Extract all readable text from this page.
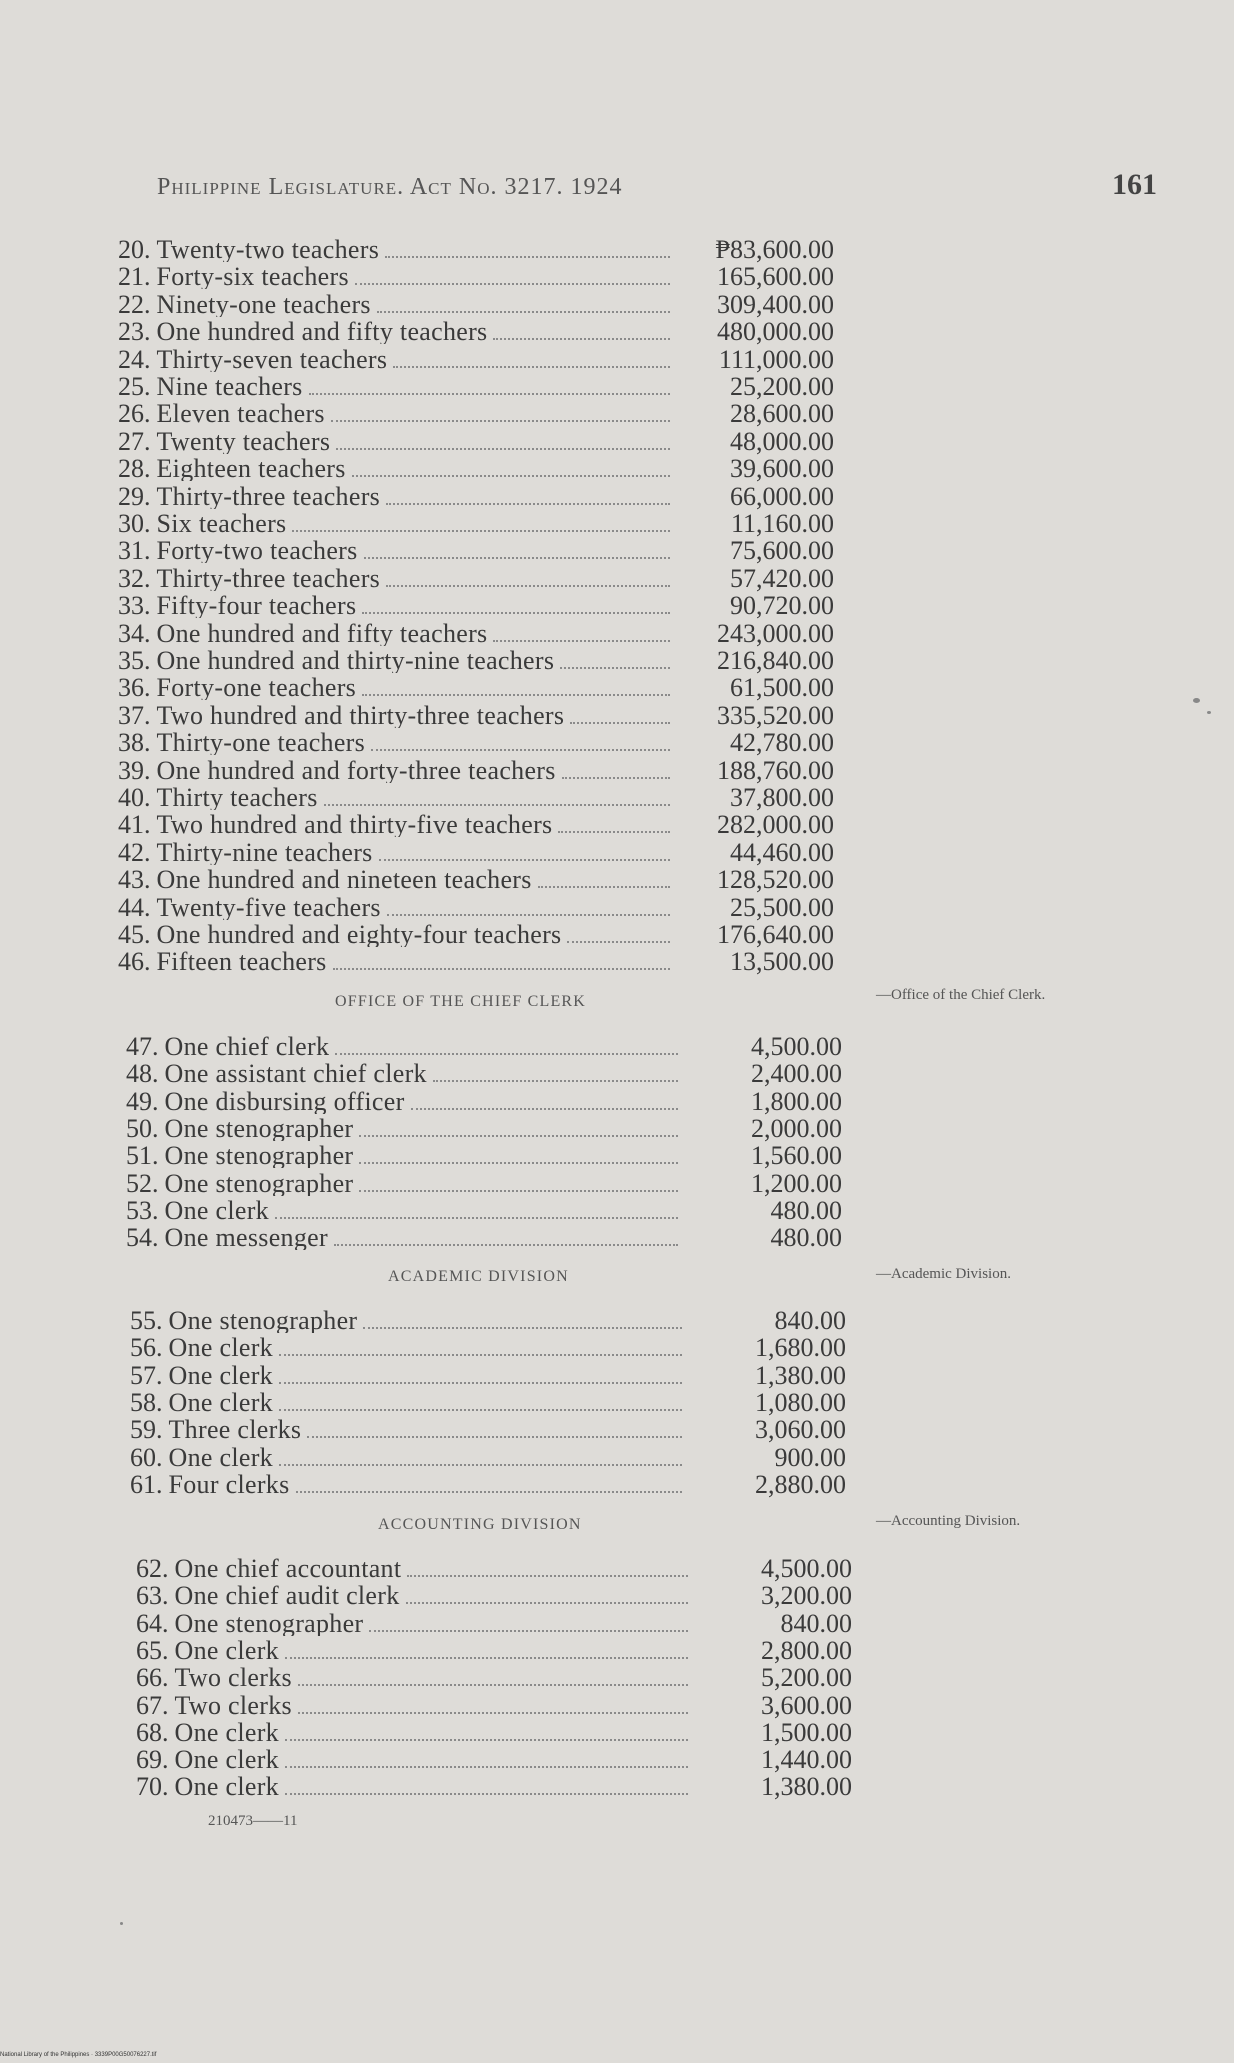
Philippine Legislature. Act No. 3217. 1924	161
20. Twenty-two teachers	₱83,600.00
21. Forty-six teachers	165,600.00
22. Ninety-one teachers	309,400.00
23. One hundred and fifty teachers	480,000.00
24. Thirty-seven teachers	111,000.00
25. Nine teachers	25,200.00
26. Eleven teachers	28,600.00
27. Twenty teachers	48,000.00
28. Eighteen teachers	39,600.00
29. Thirty-three teachers	66,000.00
30. Six teachers	11,160.00
31. Forty-two teachers	75,600.00
32. Thirty-three teachers	57,420.00
33. Fifty-four teachers	90,720.00
34. One hundred and fifty teachers	243,000.00
35. One hundred and thirty-nine teachers	216,840.00
36. Forty-one teachers	61,500.00
37. Two hundred and thirty-three teachers	335,520.00
38. Thirty-one teachers	42,780.00
39. One hundred and forty-three teachers	188,760.00
40. Thirty teachers	37,800.00
41. Two hundred and thirty-five teachers	282,000.00
42. Thirty-nine teachers	44,460.00
43. One hundred and nineteen teachers	128,520.00
44. Twenty-five teachers	25,500.00
45. One hundred and eighty-four teachers	176,640.00
46. Fifteen teachers	13,500.00
OFFICE OF THE CHIEF CLERK	—Office of the Chief Clerk.
47. One chief clerk	4,500.00
48. One assistant chief clerk	2,400.00
49. One disbursing officer	1,800.00
50. One stenographer	2,000.00
51. One stenographer	1,560.00
52. One stenographer	1,200.00
53. One clerk	480.00
54. One messenger	480.00
ACADEMIC DIVISION	—Academic Division.
55. One stenographer	840.00
56. One clerk	1,680.00
57. One clerk	1,380.00
58. One clerk	1,080.00
59. Three clerks	3,060.00
60. One clerk	900.00
61. Four clerks	2,880.00
ACCOUNTING DIVISION	—Accounting Division.
62. One chief accountant	4,500.00
63. One chief audit clerk	3,200.00
64. One stenographer	840.00
65. One clerk	2,800.00
66. Two clerks	5,200.00
67. Two clerks	3,600.00
68. One clerk	1,500.00
69. One clerk	1,440.00
70. One clerk	1,380.00
210473——11
National Library of the Philippines · 3339P00G50076227.tif
